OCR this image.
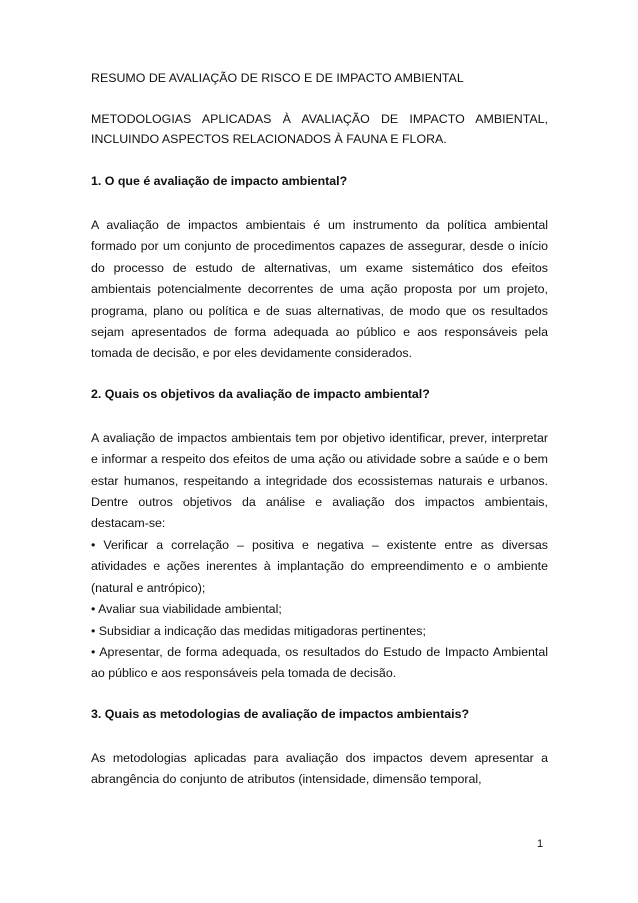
RESUMO DE AVALIAÇÃO DE RISCO E DE IMPACTO AMBIENTAL
METODOLOGIAS APLICADAS À AVALIAÇÃO DE IMPACTO AMBIENTAL, INCLUINDO ASPECTOS RELACIONADOS À FAUNA E FLORA.
1. O que é avaliação de impacto ambiental?
A avaliação de impactos ambientais é um instrumento da política ambiental formado por um conjunto de procedimentos capazes de assegurar, desde o início do processo de estudo de alternativas, um exame sistemático dos efeitos ambientais potencialmente decorrentes de uma ação proposta por um projeto, programa, plano ou política e de suas alternativas, de modo que os resultados sejam apresentados de forma adequada ao público e aos responsáveis pela tomada de decisão, e por eles devidamente considerados.
2. Quais os objetivos da avaliação de impacto ambiental?
A avaliação de impactos ambientais tem por objetivo identificar, prever, interpretar e informar a respeito dos efeitos de uma ação ou atividade sobre a saúde e o bem estar humanos, respeitando a integridade dos ecossistemas naturais e urbanos. Dentre outros objetivos da análise e avaliação dos impactos ambientais, destacam-se:
• Verificar a correlação – positiva e negativa – existente entre as diversas atividades e ações inerentes à implantação do empreendimento e o ambiente (natural e antrópico);
• Avaliar sua viabilidade ambiental;
• Subsidiar a indicação das medidas mitigadoras pertinentes;
• Apresentar, de forma adequada, os resultados do Estudo de Impacto Ambiental ao público e aos responsáveis pela tomada de decisão.
3. Quais as metodologias de avaliação de impactos ambientais?
As metodologias aplicadas para avaliação dos impactos devem apresentar a abrangência do conjunto de atributos (intensidade, dimensão temporal,
1
